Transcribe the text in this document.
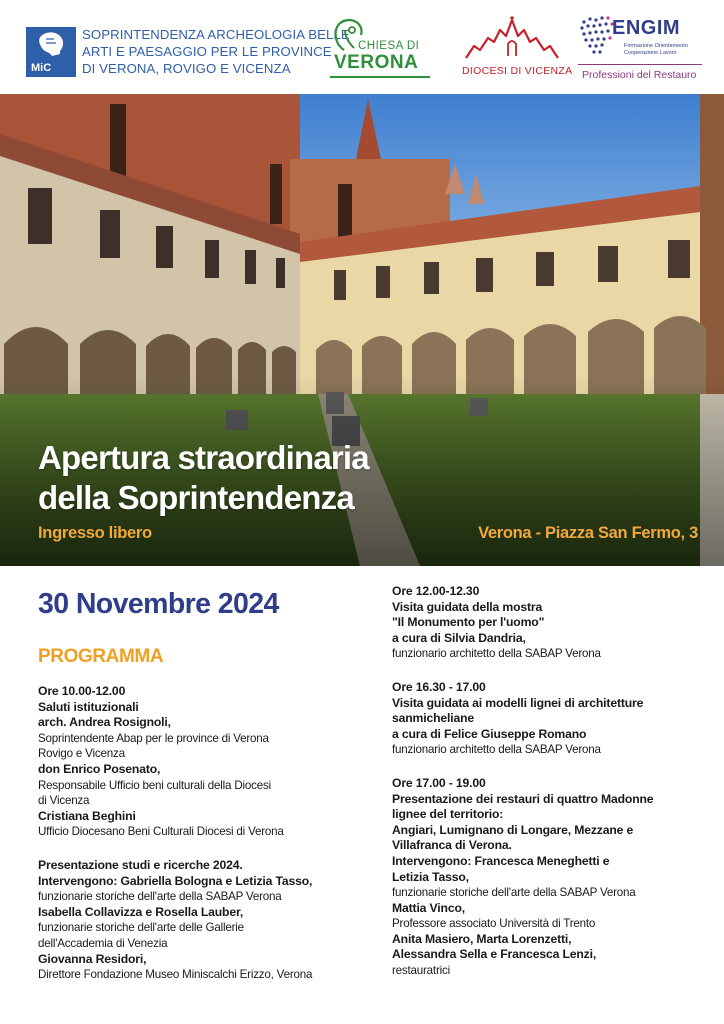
MiC
SOPRINTENDENZA ARCHEOLOGIA BELLE
ARTI E PAESAGGIO PER LE PROVINCE
DI VERONA, ROVIGO E VICENZA
CHIESA DI
VERONA	DIOCESI DI VICENZA
ENGIM
Formazione Orientamento
Cooperazione Lavoro
Professioni del Restauro
Apertura straordinaria
della Soprintendenza
Ingresso libero	Verona - Piazza San Fermo, 3
30 Novembre 2024
PROGRAMMA
Ore 10.00-12.00
Saluti istituzionali
arch. Andrea Rosignoli,
Soprintendente Abap per le province di Verona
Rovigo e Vicenza
don Enrico Posenato,
Responsabile Ufficio beni culturali della Diocesi
di Vicenza
Cristiana Beghini
Ufficio Diocesano Beni Culturali Diocesi di Verona
Presentazione studi e ricerche 2024.
Intervengono: Gabriella Bologna e Letizia Tasso,
funzionarie storiche dell'arte della SABAP Verona
Isabella Collavizza e Rosella Lauber,
funzionarie storiche dell'arte delle Gallerie
dell'Accademia di Venezia
Giovanna Residori,
Direttore Fondazione Museo Miniscalchi Erizzo, Verona
Ore 12.00-12.30
Visita guidata della mostra
"Il Monumento per l'uomo"
a cura di Silvia Dandria,
funzionario architetto della SABAP Verona
Ore 16.30 - 17.00
Visita guidata ai modelli lignei di architetture
sanmicheliane
a cura di Felice Giuseppe Romano
funzionario architetto della SABAP Verona
Ore 17.00 - 19.00
Presentazione dei restauri di quattro Madonne
lignee del territorio:
Angiari, Lumignano di Longare, Mezzane e
Villafranca di Verona.
Intervengono: Francesca Meneghetti e
Letizia Tasso,
funzionarie storiche dell'arte della SABAP Verona
Mattia Vinco,
Professore associato Università di Trento
Anita Masiero, Marta Lorenzetti,
Alessandra Sella e Francesca Lenzi,
restauratrici
